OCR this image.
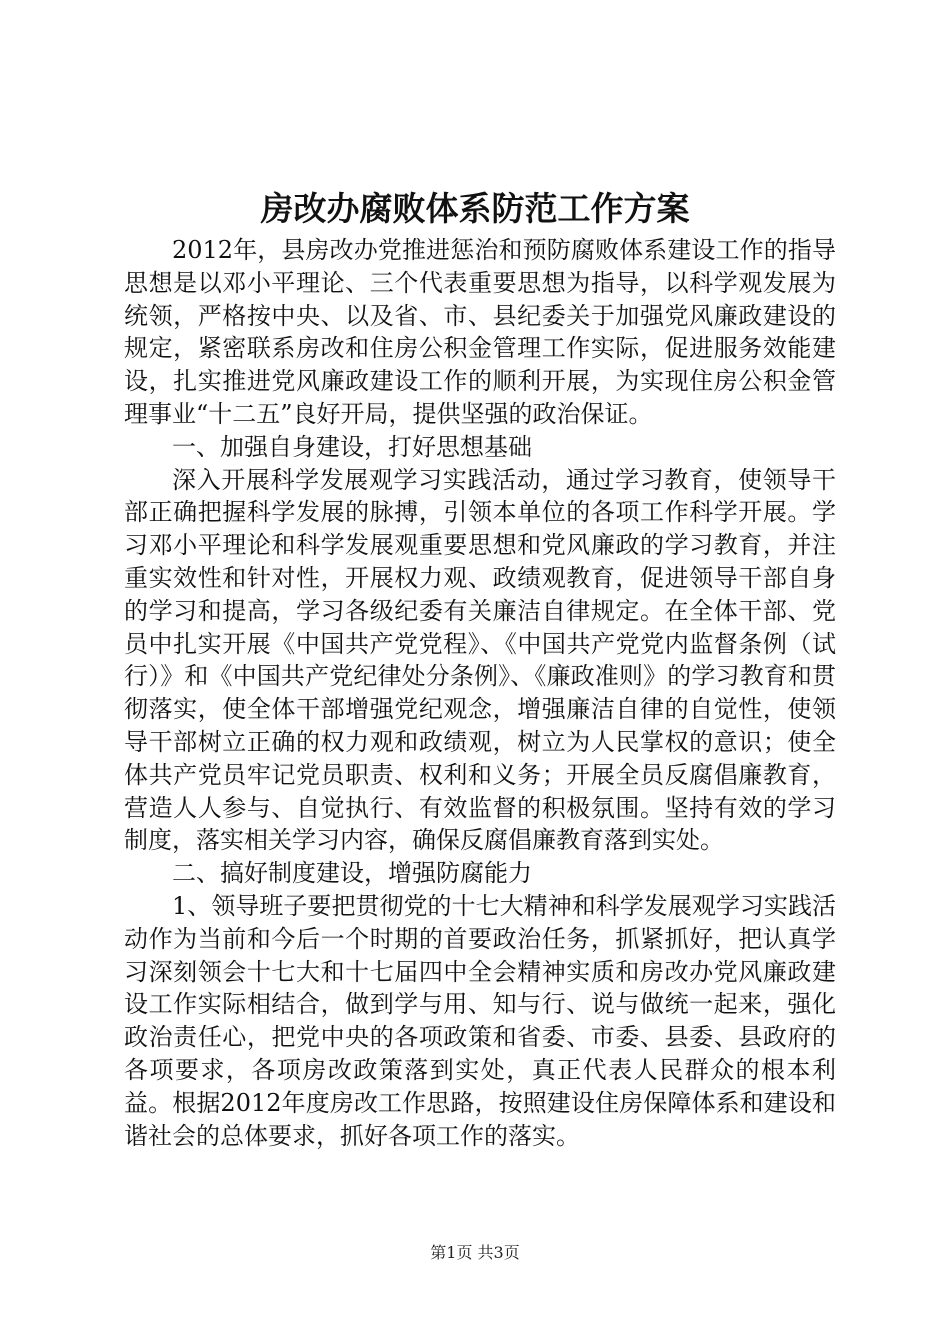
房改办腐败体系防范工作方案

2012年，县房改办党推进惩治和预防腐败体系建设工作的指导思想是以邓小平理论、三个代表重要思想为指导，以科学观发展为统领，严格按中央、以及省、市、县纪委关于加强党风廉政建设的规定，紧密联系房改和住房公积金管理工作实际，促进服务效能建设，扎实推进党风廉政建设工作的顺利开展，为实现住房公积金管理事业“十二五”良好开局，提供坚强的政治保证。

一、加强自身建设，打好思想基础

深入开展科学发展观学习实践活动，通过学习教育，使领导干部正确把握科学发展的脉搏，引领本单位的各项工作科学开展。学习邓小平理论和科学发展观重要思想和党风廉政的学习教育，并注重实效性和针对性，开展权力观、政绩观教育，促进领导干部自身的学习和提高，学习各级纪委有关廉洁自律规定。在全体干部、党员中扎实开展《中国共产党党程》、《中国共产党党内监督条例（试行）》和《中国共产党纪律处分条例》、《廉政准则》的学习教育和贯彻落实，使全体干部增强党纪观念，增强廉洁自律的自觉性，使领导干部树立正确的权力观和政绩观，树立为人民掌权的意识；使全体共产党员牢记党员职责、权利和义务；开展全员反腐倡廉教育，营造人人参与、自觉执行、有效监督的积极氛围。坚持有效的学习制度，落实相关学习内容，确保反腐倡廉教育落到实处。

二、搞好制度建设，增强防腐能力

1、领导班子要把贯彻党的十七大精神和科学发展观学习实践活动作为当前和今后一个时期的首要政治任务，抓紧抓好，把认真学习深刻领会十七大和十七届四中全会精神实质和房改办党风廉政建设工作实际相结合，做到学与用、知与行、说与做统一起来，强化政治责任心，把党中央的各项政策和省委、市委、县委、县政府的各项要求，各项房改政策落到实处，真正代表人民群众的根本利益。根据2012年度房改工作思路，按照建设住房保障体系和建设和谐社会的总体要求，抓好各项工作的落实。

第1页 共3页
